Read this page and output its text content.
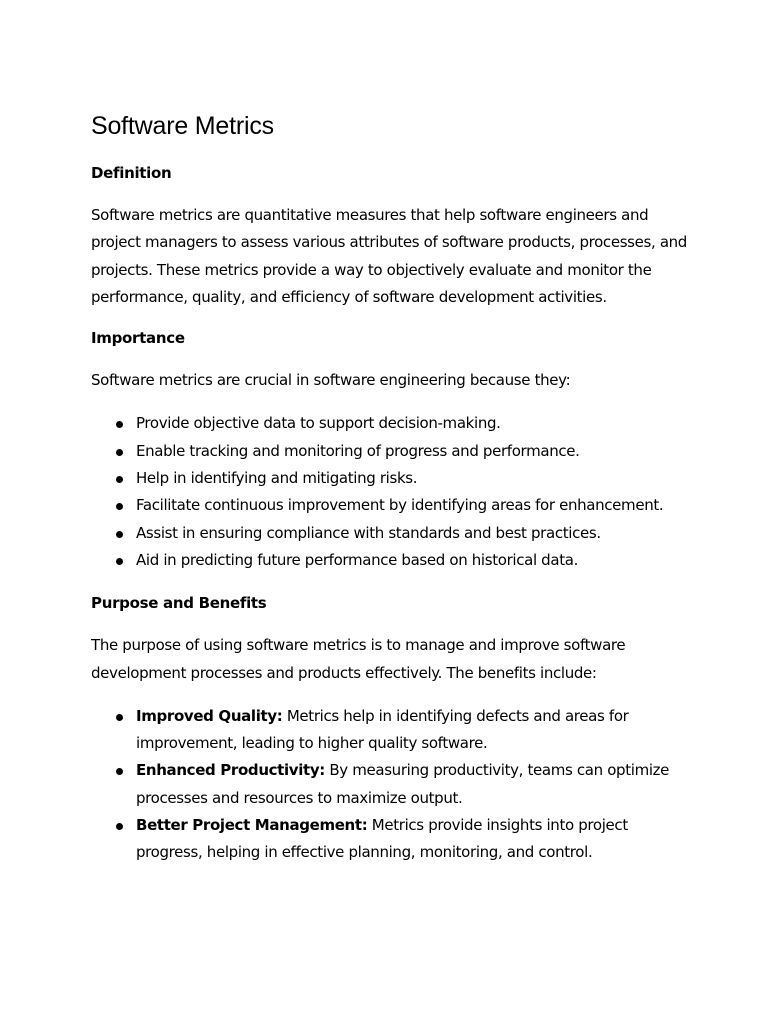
Software Metrics
Definition

Software metrics are quantitative measures that help software engineers and project managers to assess various attributes of software products, processes, and projects. These metrics provide a way to objectively evaluate and monitor the performance, quality, and efficiency of software development activities.

Importance

Software metrics are crucial in software engineering because they:

Provide objective data to support decision-making.
Enable tracking and monitoring of progress and performance.
Help in identifying and mitigating risks.
Facilitate continuous improvement by identifying areas for enhancement.
Assist in ensuring compliance with standards and best practices.
Aid in predicting future performance based on historical data.
Purpose and Benefits

The purpose of using software metrics is to manage and improve software development processes and products effectively. The benefits include:

Improved Quality: Metrics help in identifying defects and areas for improvement, leading to higher quality software.
Enhanced Productivity: By measuring productivity, teams can optimize processes and resources to maximize output.
Better Project Management: Metrics provide insights into project progress, helping in effective planning, monitoring, and control.
